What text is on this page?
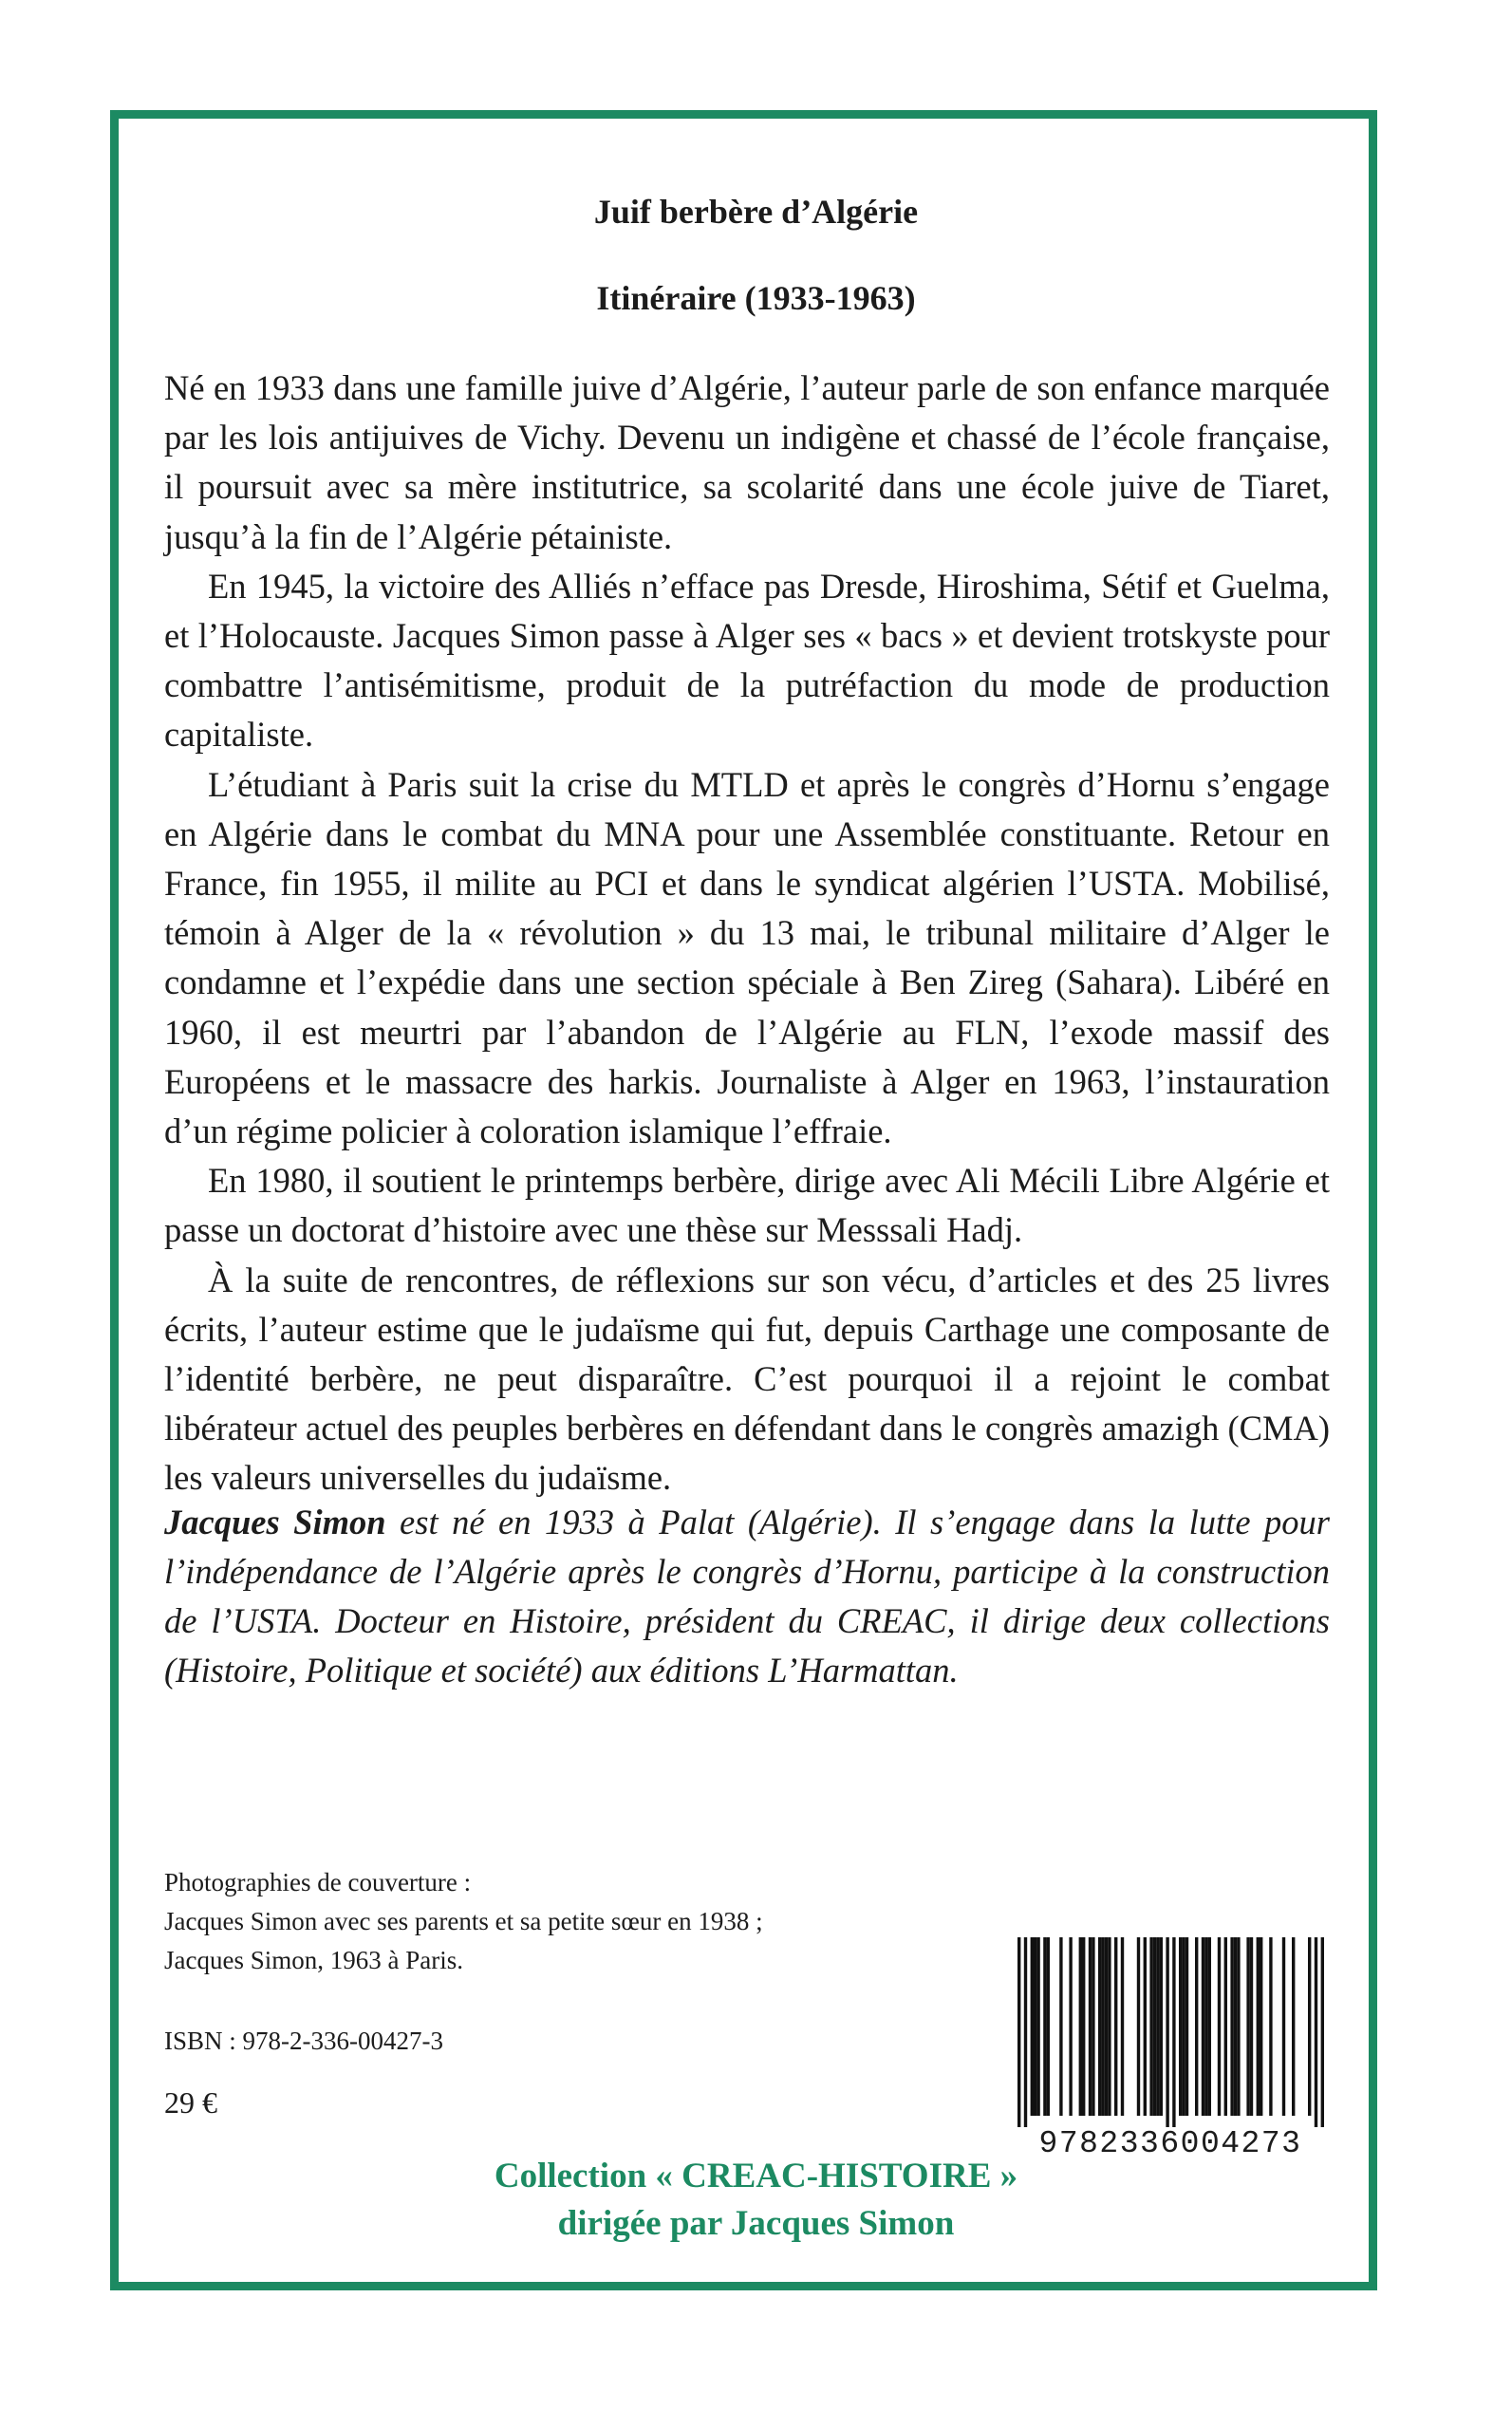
Juif berbère d’Algérie
Itinéraire (1933-1963)

Né en 1933 dans une famille juive d’Algérie, l’auteur parle de son enfance marquée par les lois antijuives de Vichy. Devenu un indigène et chassé de l’école française, il poursuit avec sa mère institutrice, sa scolarité dans une école juive de Tiaret, jusqu’à la fin de l’Algérie pétainiste.

En 1945, la victoire des Alliés n’efface pas Dresde, Hiroshima, Sétif et Guelma, et l’Holocauste. Jacques Simon passe à Alger ses « bacs » et devient trotskyste pour combattre l’antisémitisme, produit de la putréfaction du mode de production capitaliste.

L’étudiant à Paris suit la crise du MTLD et après le congrès d’Hornu s’engage en Algérie dans le combat du MNA pour une Assemblée constituante. Retour en France, fin 1955, il milite au PCI et dans le syndicat algérien l’USTA. Mobilisé, témoin à Alger de la « révolution » du 13 mai, le tribunal militaire d’Alger le condamne et l’expédie dans une section spéciale à Ben Zireg (Sahara). Libéré en 1960, il est meurtri par l’abandon de l’Algérie au FLN, l’exode massif des Européens et le massacre des harkis. Journaliste à Alger en 1963, l’instauration d’un régime policier à coloration islamique l’effraie.

En 1980, il soutient le printemps berbère, dirige avec Ali Mécili Libre Algérie et passe un doctorat d’histoire avec une thèse sur Messsali Hadj.

À la suite de rencontres, de réflexions sur son vécu, d’articles et des 25 livres écrits, l’auteur estime que le judaïsme qui fut, depuis Carthage une composante de l’identité berbère, ne peut disparaître. C’est pourquoi il a rejoint le combat libérateur actuel des peuples berbères en défendant dans le congrès amazigh (CMA) les valeurs universelles du judaïsme.

Jacques Simon est né en 1933 à Palat (Algérie). Il s’engage dans la lutte pour l’indépendance de l’Algérie après le congrès d’Hornu, participe à la construction de l’USTA. Docteur en Histoire, président du CREAC, il dirige deux collections (Histoire, Politique et société) aux éditions L’Harmattan.

Photographies de couverture :
Jacques Simon avec ses parents et sa petite sœur en 1938 ;
Jacques Simon, 1963 à Paris.
ISBN : 978-2-336-00427-3
29 €
9782336004273
Collection « CREAC-HISTOIRE »
dirigée par Jacques Simon
